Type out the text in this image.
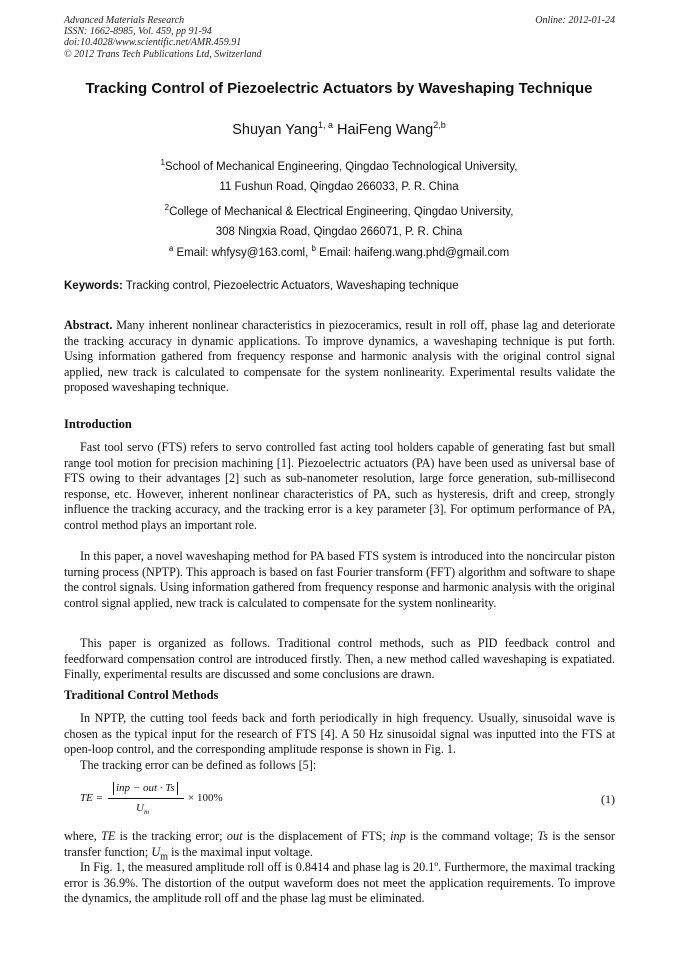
Advanced Materials Research
ISSN: 1662-8985, Vol. 459, pp 91-94
doi:10.4028/www.scientific.net/AMR.459.91
© 2012 Trans Tech Publications Ltd, Switzerland
Online: 2012-01-24
Tracking Control of Piezoelectric Actuators by Waveshaping Technique
Shuyan Yang$^{1, a}$ HaiFeng Wang$^{2,b}$
$^1$School of Mechanical Engineering, Qingdao Technological University,
11 Fushun Road, Qingdao 266033, P. R. China
$^2$College of Mechanical & Electrical Engineering, Qingdao University,
308 Ningxia Road, Qingdao 266071, P. R. China
$^a$ Email: whfysy@163.coml, $^b$ Email: haifeng.wang.phd@gmail.com
Keywords: Tracking control, Piezoelectric Actuators, Waveshaping technique

Abstract. Many inherent nonlinear characteristics in piezoceramics, result in roll off, phase lag and deteriorate the tracking accuracy in dynamic applications. To improve dynamics, a waveshaping technique is put forth. Using information gathered from frequency response and harmonic analysis with the original control signal applied, new track is calculated to compensate for the system nonlinearity. Experimental results validate the proposed waveshaping technique.

Introduction

Fast tool servo (FTS) refers to servo controlled fast acting tool holders capable of generating fast but small range tool motion for precision machining [1]. Piezoelectric actuators (PA) have been used as universal base of FTS owing to their advantages [2] such as sub-nanometer resolution, large force generation, sub-millisecond response, etc. However, inherent nonlinear characteristics of PA, such as hysteresis, drift and creep, strongly influence the tracking accuracy, and the tracking error is a key parameter [3]. For optimum performance of PA, control method plays an important role.

In this paper, a novel waveshaping method for PA based FTS system is introduced into the noncircular piston turning process (NPTP). This approach is based on fast Fourier transform (FFT) algorithm and software to shape the control signals. Using information gathered from frequency response and harmonic analysis with the original control signal applied, new track is calculated to compensate for the system nonlinearity.

This paper is organized as follows. Traditional control methods, such as PID feedback control and feedforward compensation control are introduced firstly. Then, a new method called waveshaping is expatiated. Finally, experimental results are discussed and some conclusions are drawn.

Traditional Control Methods

In NPTP, the cutting tool feeds back and forth periodically in high frequency. Usually, sinusoidal wave is chosen as the typical input for the research of FTS [4]. A 50 Hz sinusoidal signal was inputted into the FTS at open-loop control, and the corresponding amplitude response is shown in Fig. 1.

The tracking error can be defined as follows [5]:

TE =
inp − out · Ts
$U_m$
× 100%	(1)

where, TE is the tracking error; out is the displacement of FTS; inp is the command voltage; Ts is the sensor transfer function; $U_m$ is the maximal input voltage.

In Fig. 1, the measured amplitude roll off is 0.8414 and phase lag is 20.1º. Furthermore, the maximal tracking error is 36.9%. The distortion of the output waveform does not meet the application requirements. To improve the dynamics, the amplitude roll off and the phase lag must be eliminated.
